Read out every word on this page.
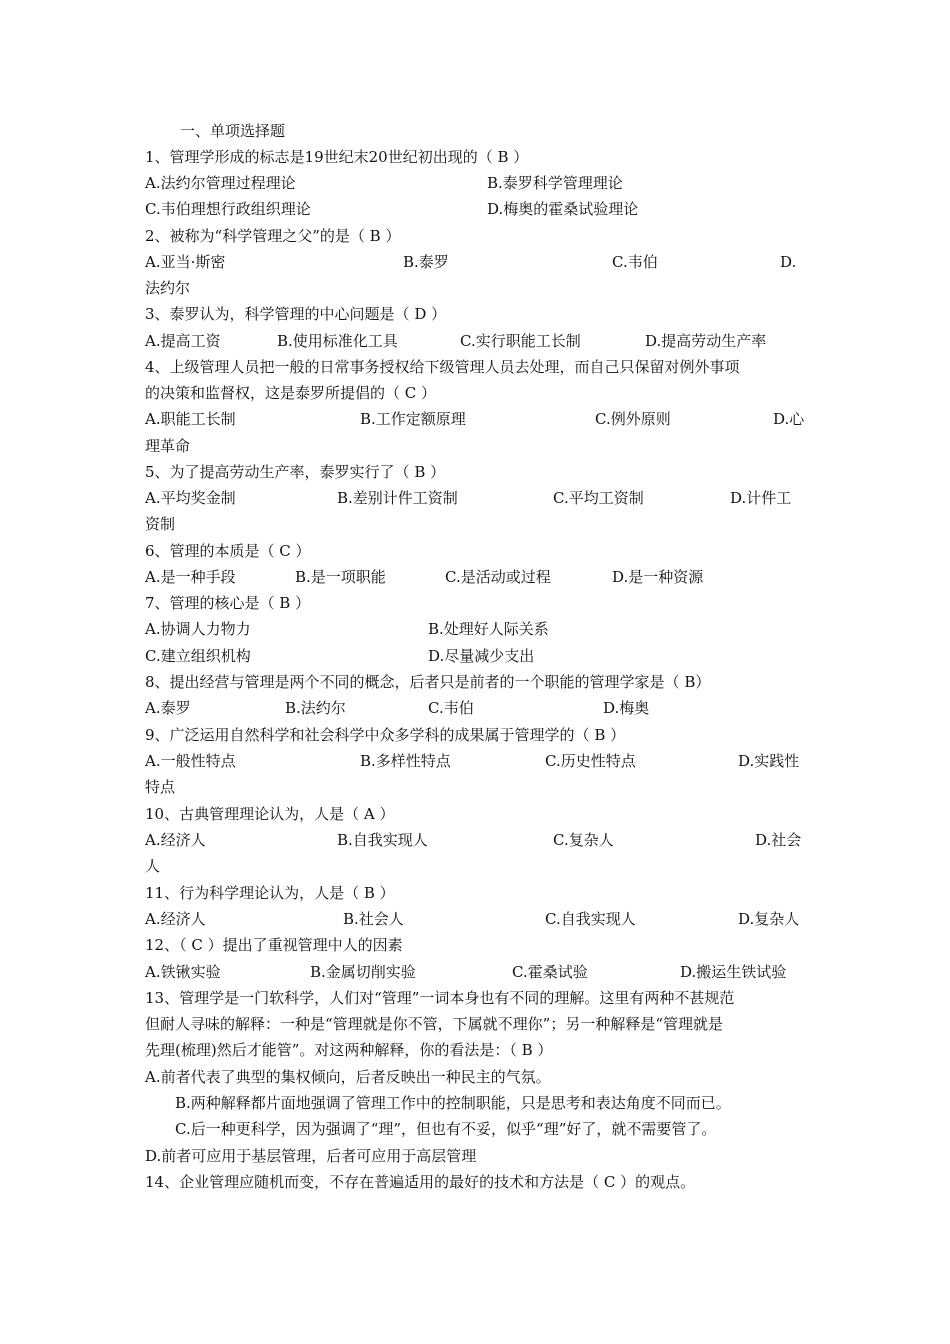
一、单项选择题
1、管理学形成的标志是19世纪末20世纪初出现的（ B ）
A.法约尔管理过程理论	B.泰罗科学管理理论
C.韦伯理想行政组织理论	D.梅奥的霍桑试验理论
2、被称为“科学管理之父”的是（ B ）
A.亚当·斯密	B.泰罗	C.韦伯	D.
法约尔
3、泰罗认为，科学管理的中心问题是（ D ）
A.提高工资	B.使用标准化工具	C.实行职能工长制	D.提高劳动生产率
4、上级管理人员把一般的日常事务授权给下级管理人员去处理，而自己只保留对例外事项
的决策和监督权，这是泰罗所提倡的（ C ）
A.职能工长制	B.工作定额原理	C.例外原则	D.心
理革命
5、为了提高劳动生产率，泰罗实行了（ B ）
A.平均奖金制	B.差别计件工资制	C.平均工资制	D.计件工
资制
6、管理的本质是（ C ）
A.是一种手段	B.是一项职能	C.是活动或过程	D.是一种资源
7、管理的核心是（ B ）
A.协调人力物力	B.处理好人际关系
C.建立组织机构	D.尽量减少支出
8、提出经营与管理是两个不同的概念，后者只是前者的一个职能的管理学家是（ B）
A.泰罗	B.法约尔	C.韦伯	D.梅奥
9、广泛运用自然科学和社会科学中众多学科的成果属于管理学的（ B ）
A.一般性特点	B.多样性特点	C.历史性特点	D.实践性
特点
10、古典管理理论认为，人是（ A ）
A.经济人	B.自我实现人	C.复杂人	D.社会
人
11、行为科学理论认为，人是（ B ）
A.经济人	B.社会人	C.自我实现人	D.复杂人
12、（ C ）提出了重视管理中人的因素
A.铁锹实验	B.金属切削实验	C.霍桑试验	D.搬运生铁试验
13、管理学是一门软科学，人们对“管理”一词本身也有不同的理解。这里有两种不甚规范
但耐人寻味的解释：一种是“管理就是你不管，下属就不理你”；另一种解释是“管理就是
先理(梳理)然后才能管”。对这两种解释，你的看法是：（ B ）
A.前者代表了典型的集权倾向，后者反映出一种民主的气氛。
B.两种解释都片面地强调了管理工作中的控制职能，只是思考和表达角度不同而已。
C.后一种更科学，因为强调了“理”，但也有不妥，似乎“理”好了，就不需要管了。
D.前者可应用于基层管理，后者可应用于高层管理
14、企业管理应随机而变，不存在普遍适用的最好的技术和方法是（ C ）的观点。
